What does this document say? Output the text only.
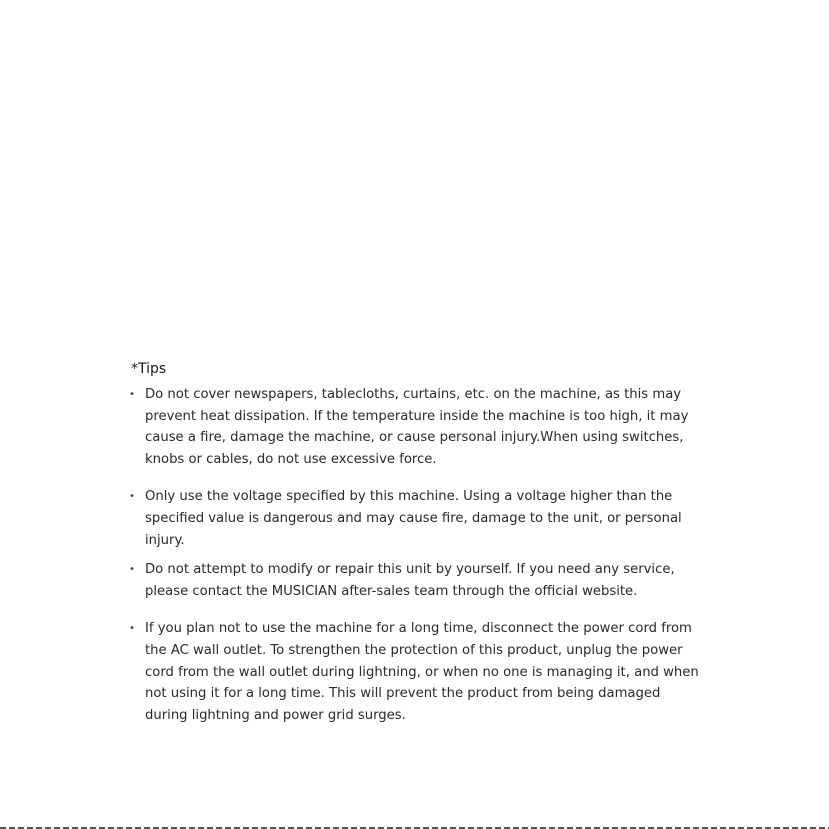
*Tips
• Do not cover newspapers, tablecloths, curtains, etc. on the machine, as this may prevent heat dissipation. If the temperature inside the machine is too high, it may cause a fire, damage the machine, or cause personal injury.When using switches, knobs or cables, do not use excessive force.
• Only use the voltage specified by this machine. Using a voltage higher than the specified value is dangerous and may cause fire, damage to the unit, or personal injury.
• Do not attempt to modify or repair this unit by yourself. If you need any service, please contact the MUSICIAN after-sales team through the official website.
• If you plan not to use the machine for a long time, disconnect the power cord from the AC wall outlet. To strengthen the protection of this product, unplug the power cord from the wall outlet during lightning, or when no one is managing it, and when not using it for a long time. This will prevent the product from being damaged during lightning and power grid surges.
